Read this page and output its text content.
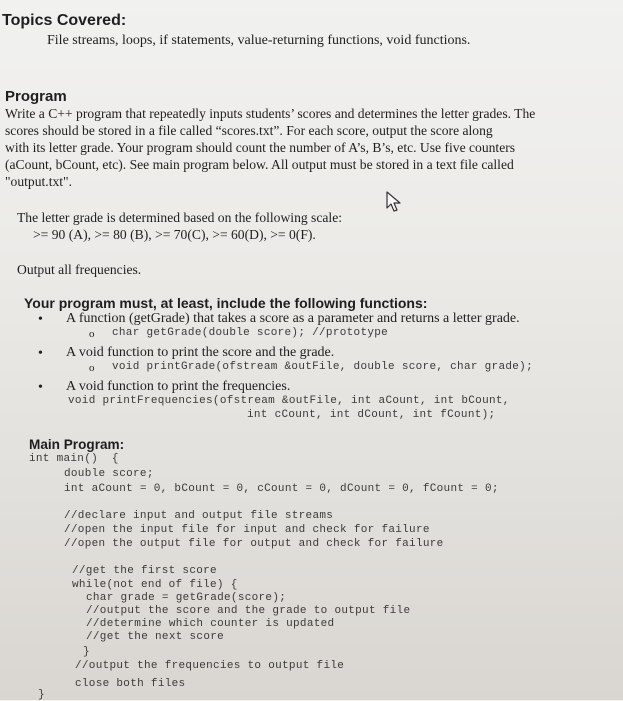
Topics Covered:
File streams, loops, if statements, value-returning functions, void functions.
Program
Write a C++ program that repeatedly inputs students’ scores and determines the letter grades. The
scores should be stored in a file called “scores.txt”. For each score, output the score along
with its letter grade. Your program should count the number of A’s, B’s, etc. Use five counters
(aCount, bCount, etc). See main program below. All output must be stored in a text file called
"output.txt".
The letter grade is determined based on the following scale:
>= 90 (A), >= 80 (B), >= 70(C), >= 60(D), >= 0(F).
Output all frequencies.
Your program must, at least, include the following functions:
• A function (getGrade) that takes a score as a parameter and returns a letter grade.
o char getGrade(double score); //prototype
• A void function to print the score and the grade.
o void printGrade(ofstream &outFile, double score, char grade);
• A void function to print the frequencies.
void printFrequencies(ofstream &outFile, int aCount, int bCount,
int cCount, int dCount, int fCount);
Main Program:
int main()  {
double score;
int aCount = 0, bCount = 0, cCount = 0, dCount = 0, fCount = 0;
//declare input and output file streams
//open the input file for input and check for failure
//open the output file for output and check for failure
//get the first score
while(not end of file) {
char grade = getGrade(score);
//output the score and the grade to output file
//determine which counter is updated
//get the next score
}
//output the frequencies to output file
close both files
}
